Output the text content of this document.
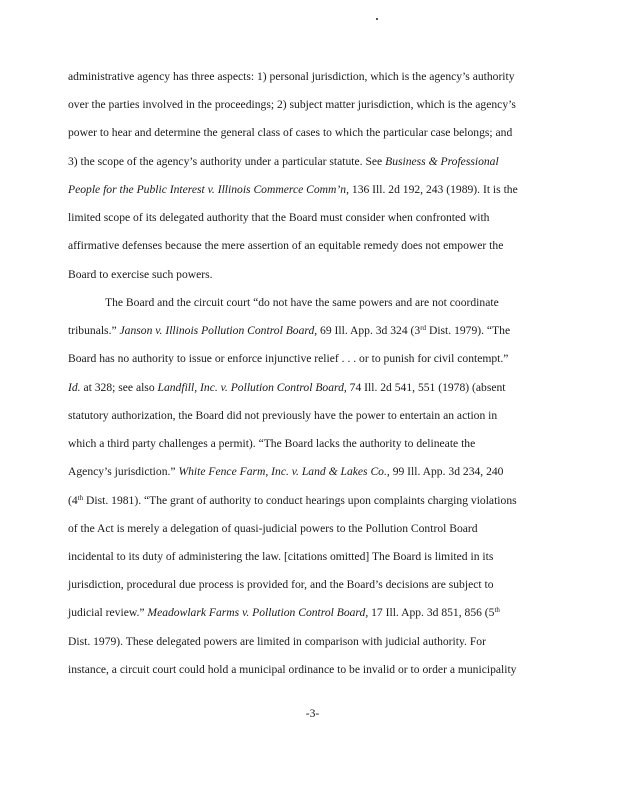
administrative agency has three aspects: 1) personal jurisdiction, which is the agency’s authority
over the parties involved in the proceedings; 2) subject matter jurisdiction, which is the agency’s
power to hear and determine the general class of cases to which the particular case belongs; and
3) the scope of the agency’s authority under a particular statute. See Business & Professional
People for the Public Interest v. Illinois Commerce Comm’n, 136 Ill. 2d 192, 243 (1989). It is the
limited scope of its delegated authority that the Board must consider when confronted with
affirmative defenses because the mere assertion of an equitable remedy does not empower the
Board to exercise such powers.
The Board and the circuit court “do not have the same powers and are not coordinate
tribunals.” Janson v. Illinois Pollution Control Board, 69 Ill. App. 3d 324 (3rd Dist. 1979). “The
Board has no authority to issue or enforce injunctive relief . . . or to punish for civil contempt.”
Id. at 328; see also Landfill, Inc. v. Pollution Control Board, 74 Ill. 2d 541, 551 (1978) (absent
statutory authorization, the Board did not previously have the power to entertain an action in
which a third party challenges a permit). “The Board lacks the authority to delineate the
Agency’s jurisdiction.” White Fence Farm, Inc. v. Land & Lakes Co., 99 Ill. App. 3d 234, 240
(4th Dist. 1981). “The grant of authority to conduct hearings upon complaints charging violations
of the Act is merely a delegation of quasi-judicial powers to the Pollution Control Board
incidental to its duty of administering the law. [citations omitted] The Board is limited in its
jurisdiction, procedural due process is provided for, and the Board’s decisions are subject to
judicial review.” Meadowlark Farms v. Pollution Control Board, 17 Ill. App. 3d 851, 856 (5th
Dist. 1979). These delegated powers are limited in comparison with judicial authority. For
instance, a circuit court could hold a municipal ordinance to be invalid or to order a municipality
-3-
